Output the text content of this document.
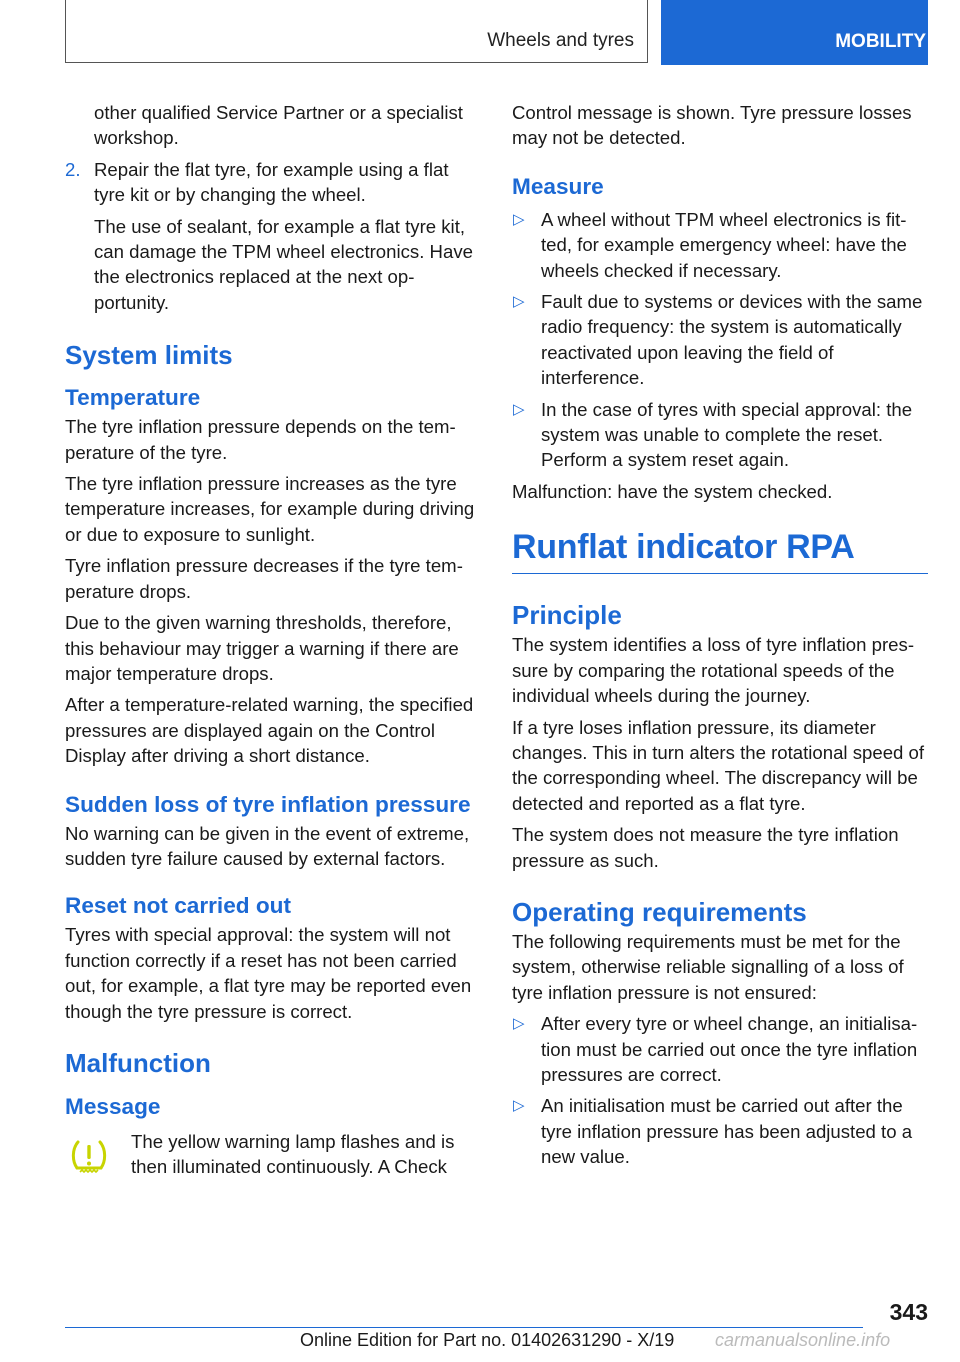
Wheels and tyres	MOBILITY

other qualified Service Partner or a specialist workshop.

2. Repair the flat tyre, for example using a flat tyre kit or by changing the wheel.

The use of sealant, for example a flat tyre kit, can damage the TPM wheel electronics. Have the electronics replaced at the next opportunity.

System limits
Temperature

The tyre inflation pressure depends on the temperature of the tyre.

The tyre inflation pressure increases as the tyre temperature increases, for example during driving or due to exposure to sunlight.

Tyre inflation pressure decreases if the tyre temperature drops.

Due to the given warning thresholds, therefore, this behaviour may trigger a warning if there are major temperature drops.

After a temperature-related warning, the specified pressures are displayed again on the Control Display after driving a short distance.

Sudden loss of tyre inflation pressure

No warning can be given in the event of extreme, sudden tyre failure caused by external factors.

Reset not carried out

Tyres with special approval: the system will not function correctly if a reset has not been carried out, for example, a flat tyre may be reported even though the tyre pressure is correct.

Malfunction
Message

The yellow warning lamp flashes and is then illuminated continuously. A Check

Control message is shown. Tyre pressure losses may not be detected.

Measure
▷ A wheel without TPM wheel electronics is fitted, for example emergency wheel: have the wheels checked if necessary.

▷ Fault due to systems or devices with the same radio frequency: the system is automatically reactivated upon leaving the field of interference.

▷ In the case of tyres with special approval: the system was unable to complete the reset. Perform a system reset again.

Malfunction: have the system checked.

Runflat indicator RPA
Principle

The system identifies a loss of tyre inflation pressure by comparing the rotational speeds of the individual wheels during the journey.

If a tyre loses inflation pressure, its diameter changes. This in turn alters the rotational speed of the corresponding wheel. The discrepancy will be detected and reported as a flat tyre.

The system does not measure the tyre inflation pressure as such.

Operating requirements

The following requirements must be met for the system, otherwise reliable signalling of a loss of tyre inflation pressure is not ensured:

▷ After every tyre or wheel change, an initialisation must be carried out once the tyre inflation pressures are correct.

▷ An initialisation must be carried out after the tyre inflation pressure has been adjusted to a new value.

343
Online Edition for Part no. 01402631290 - X/19 carmanualsonline.info
